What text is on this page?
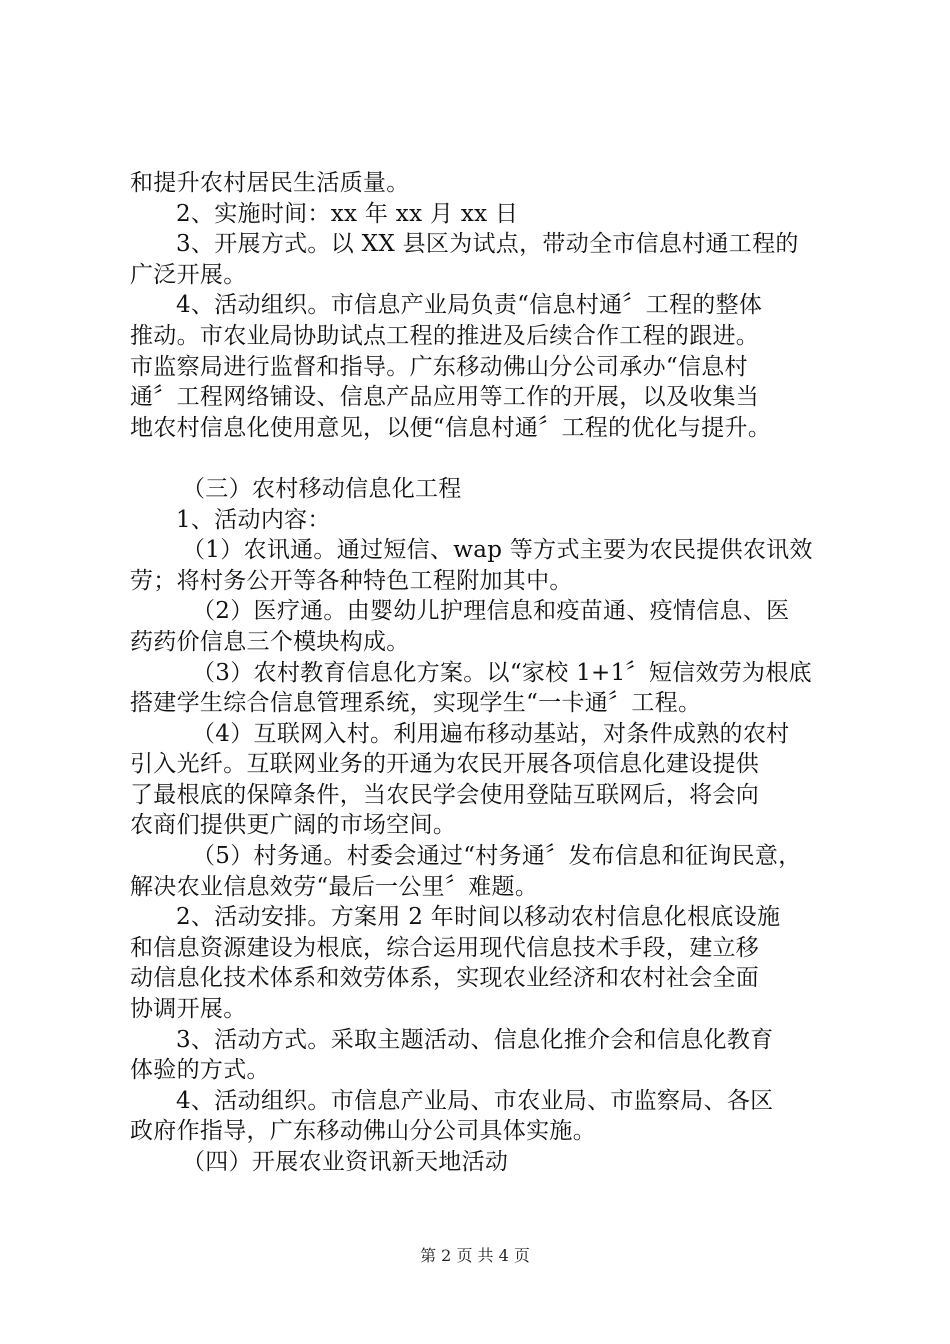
和提升农村居民生活质量。
2、实施时间：xx 年 xx 月 xx 日
3、开展方式。以 XX 县区为试点，带动全市信息村通工程的
广泛开展。
4、活动组织。市信息产业局负责“信息村通〞工程的整体
推动。市农业局协助试点工程的推进及后续合作工程的跟进。
市监察局进行监督和指导。广东移动佛山分公司承办“信息村
通〞工程网络铺设、信息产品应用等工作的开展，以及收集当
地农村信息化使用意见，以便“信息村通〞工程的优化与提升。
（三）农村移动信息化工程
1、活动内容：
（1）农讯通。通过短信、wap 等方式主要为农民提供农讯效
劳；将村务公开等各种特色工程附加其中。
（2）医疗通。由婴幼儿护理信息和疫苗通、疫情信息、医
药药价信息三个模块构成。
（3）农村教育信息化方案。以“家校 1+1〞短信效劳为根底
搭建学生综合信息管理系统，实现学生“一卡通〞工程。
（4）互联网入村。利用遍布移动基站，对条件成熟的农村
引入光纤。互联网业务的开通为农民开展各项信息化建设提供
了最根底的保障条件，当农民学会使用登陆互联网后，将会向
农商们提供更广阔的市场空间。
（5）村务通。村委会通过“村务通〞发布信息和征询民意，
解决农业信息效劳“最后一公里〞难题。
2、活动安排。方案用 2 年时间以移动农村信息化根底设施
和信息资源建设为根底，综合运用现代信息技术手段，建立移
动信息化技术体系和效劳体系，实现农业经济和农村社会全面
协调开展。
3、活动方式。采取主题活动、信息化推介会和信息化教育
体验的方式。
4、活动组织。市信息产业局、市农业局、市监察局、各区
政府作指导，广东移动佛山分公司具体实施。
（四）开展农业资讯新天地活动
第 2 页 共 4 页
